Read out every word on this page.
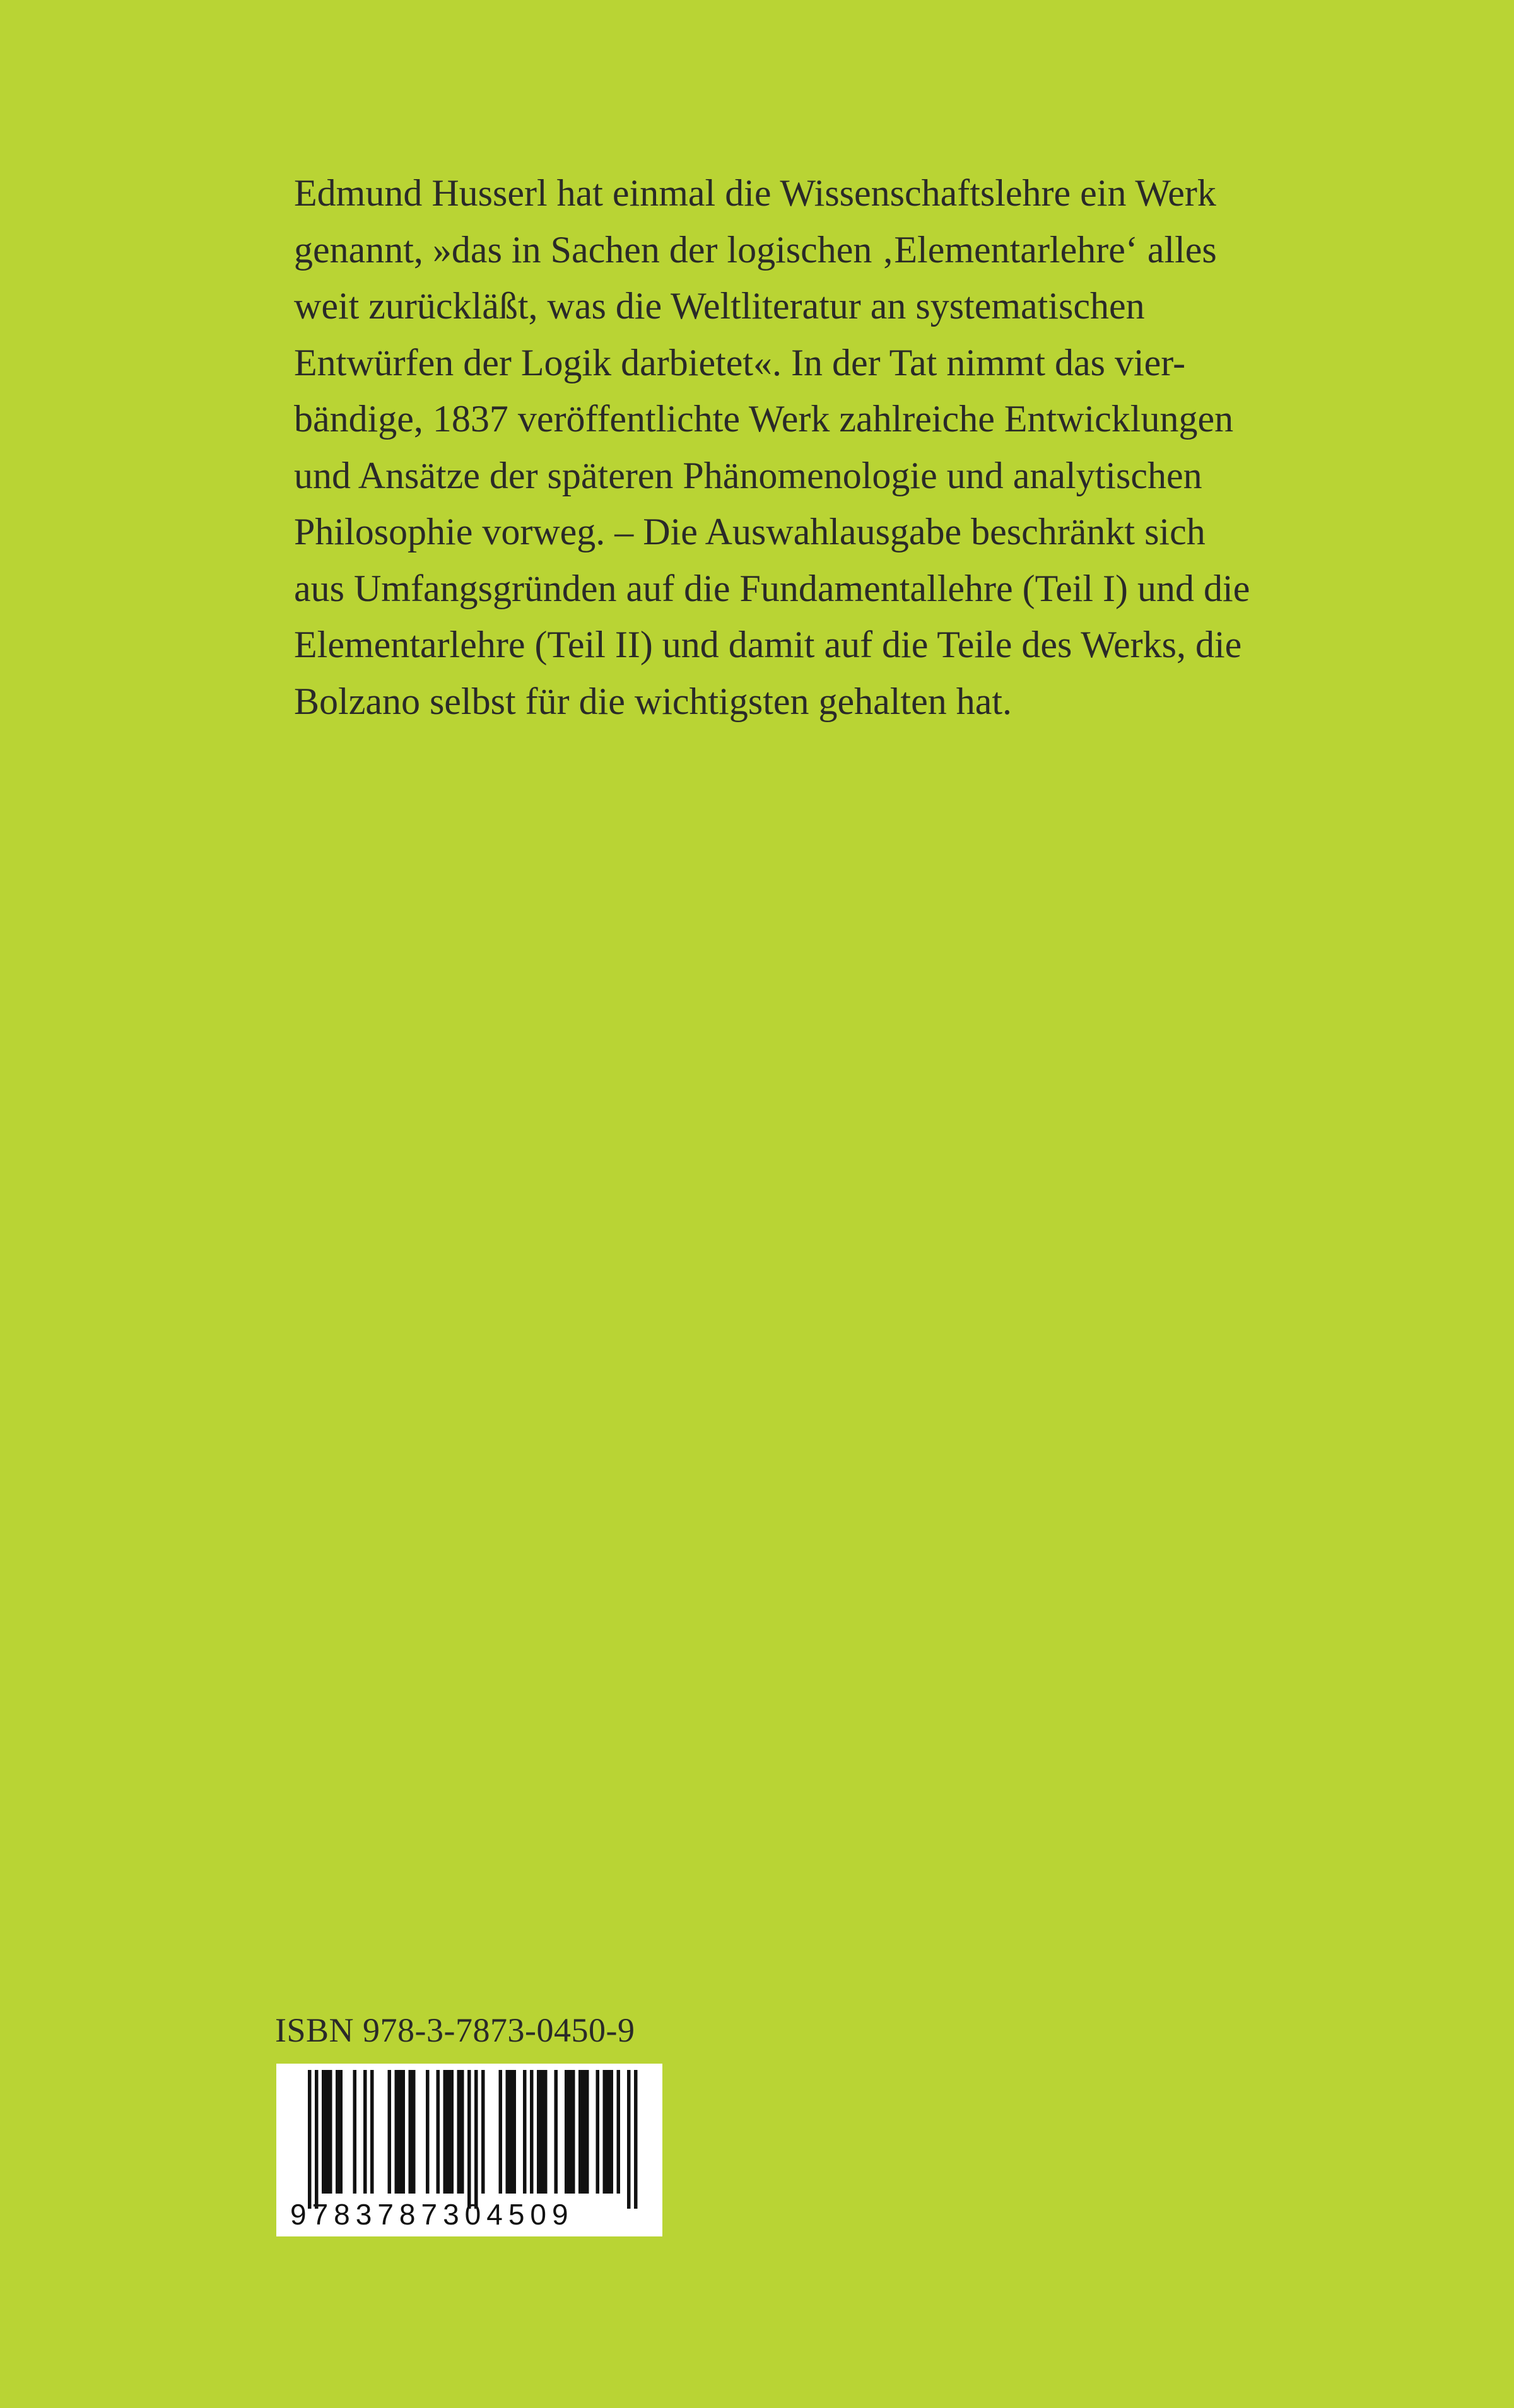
Edmund Husserl hat einmal die Wissenschaftslehre ein Werk
genannt, »das in Sachen der logischen ‚Elementarlehre‘ alles
weit zurückläßt, was die Weltliteratur an systematischen
Entwürfen der Logik darbietet«. In der Tat nimmt das vier-
bändige, 1837 veröffentlichte Werk zahlreiche Entwicklungen
und Ansätze der späteren Phänomenologie und analytischen
Philosophie vorweg. – Die Auswahlausgabe beschränkt sich
aus Umfangsgründen auf die Fundamentallehre (Teil I) und die
Elementarlehre (Teil II) und damit auf die Teile des Werks, die
Bolzano selbst für die wichtigsten gehalten hat.
ISBN 978-3-7873-0450-9
9783787304509
